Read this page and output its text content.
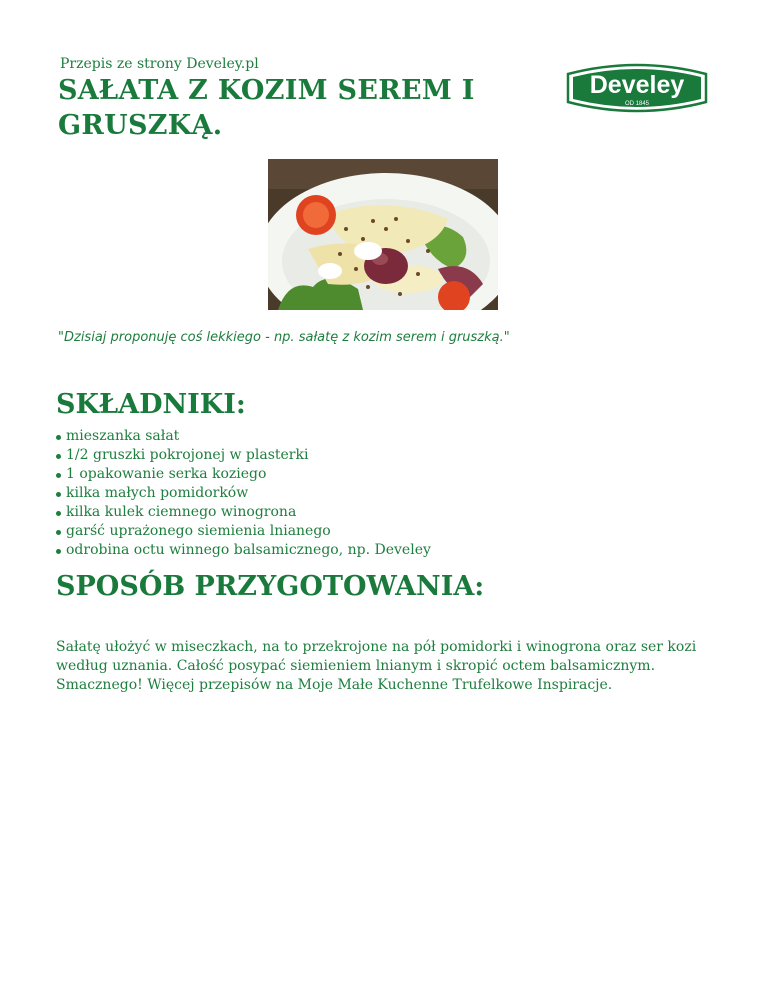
Przepis ze strony Develey.pl
SAŁATA Z KOZIM SEREM I GRUSZKĄ.
Develey
OD 1845
"Dzisiaj proponuję coś lekkiego - np. sałatę z kozim serem i gruszką."
SKŁADNIKI:
mieszanka sałat
1/2 gruszki pokrojonej w plasterki
1 opakowanie serka koziego
kilka małych pomidorków
kilka kulek ciemnego winogrona
garść uprażonego siemienia lnianego
odrobina octu winnego balsamicznego, np. Develey
SPOSÓB PRZYGOTOWANIA:

Sałatę ułożyć w miseczkach, na to przekrojone na pół pomidorki i winogrona oraz ser kozi według uznania. Całość posypać siemieniem lnianym i skropić octem balsamicznym. Smacznego! Więcej przepisów na Moje Małe Kuchenne Trufelkowe Inspiracje.
